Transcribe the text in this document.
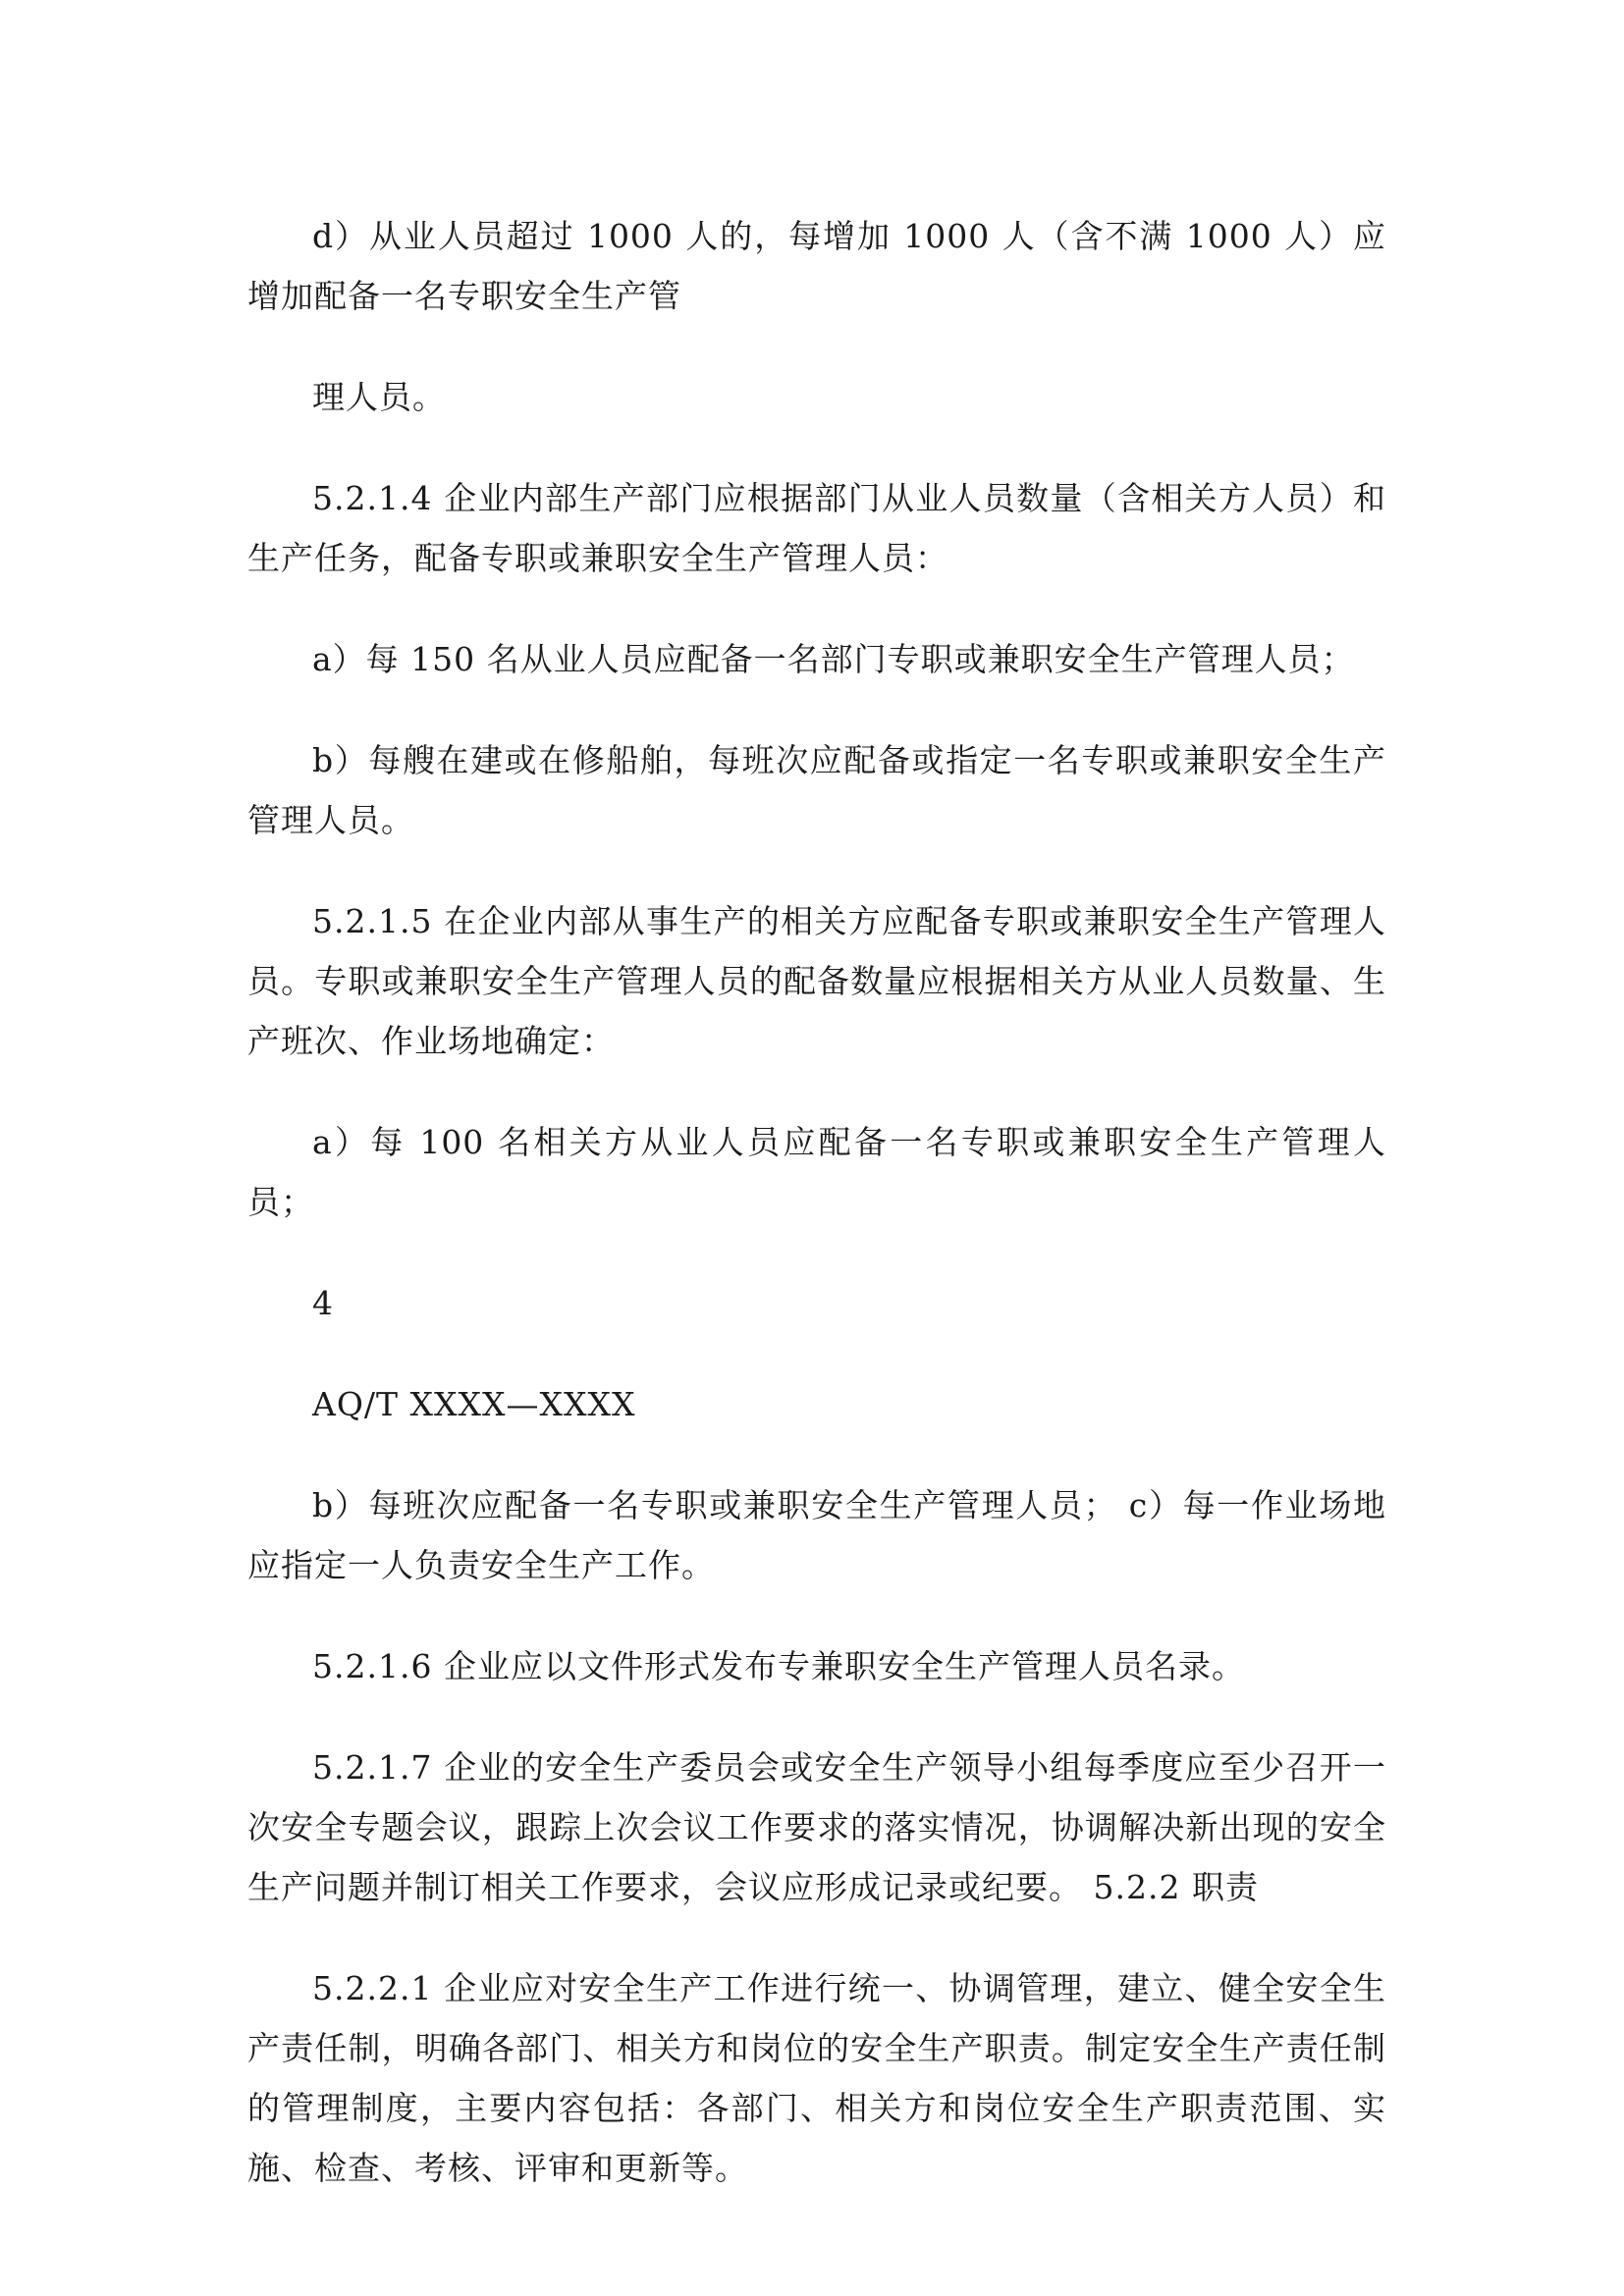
d）从业人员超过 1000 人的，每增加 1000 人（含不满 1000 人）应增加配备一名专职安全生产管

理人员。

5.2.1.4 企业内部生产部门应根据部门从业人员数量（含相关方人员）和生产任务，配备专职或兼职安全生产管理人员：

a）每 150 名从业人员应配备一名部门专职或兼职安全生产管理人员；

b）每艘在建或在修船舶，每班次应配备或指定一名专职或兼职安全生产管理人员。

5.2.1.5 在企业内部从事生产的相关方应配备专职或兼职安全生产管理人员。专职或兼职安全生产管理人员的配备数量应根据相关方从业人员数量、生产班次、作业场地确定：

a）每 100 名相关方从业人员应配备一名专职或兼职安全生产管理人员；

4

AQ/T XXXX—XXXX

b）每班次应配备一名专职或兼职安全生产管理人员； c）每一作业场地应指定一人负责安全生产工作。

5.2.1.6 企业应以文件形式发布专兼职安全生产管理人员名录。

5.2.1.7 企业的安全生产委员会或安全生产领导小组每季度应至少召开一次安全专题会议，跟踪上次会议工作要求的落实情况，协调解决新出现的安全生产问题并制订相关工作要求，会议应形成记录或纪要。 5.2.2 职责

5.2.2.1 企业应对安全生产工作进行统一、协调管理，建立、健全安全生产责任制，明确各部门、相关方和岗位的安全生产职责。制定安全生产责任制的管理制度，主要内容包括：各部门、相关方和岗位安全生产职责范围、实施、检查、考核、评审和更新等。
